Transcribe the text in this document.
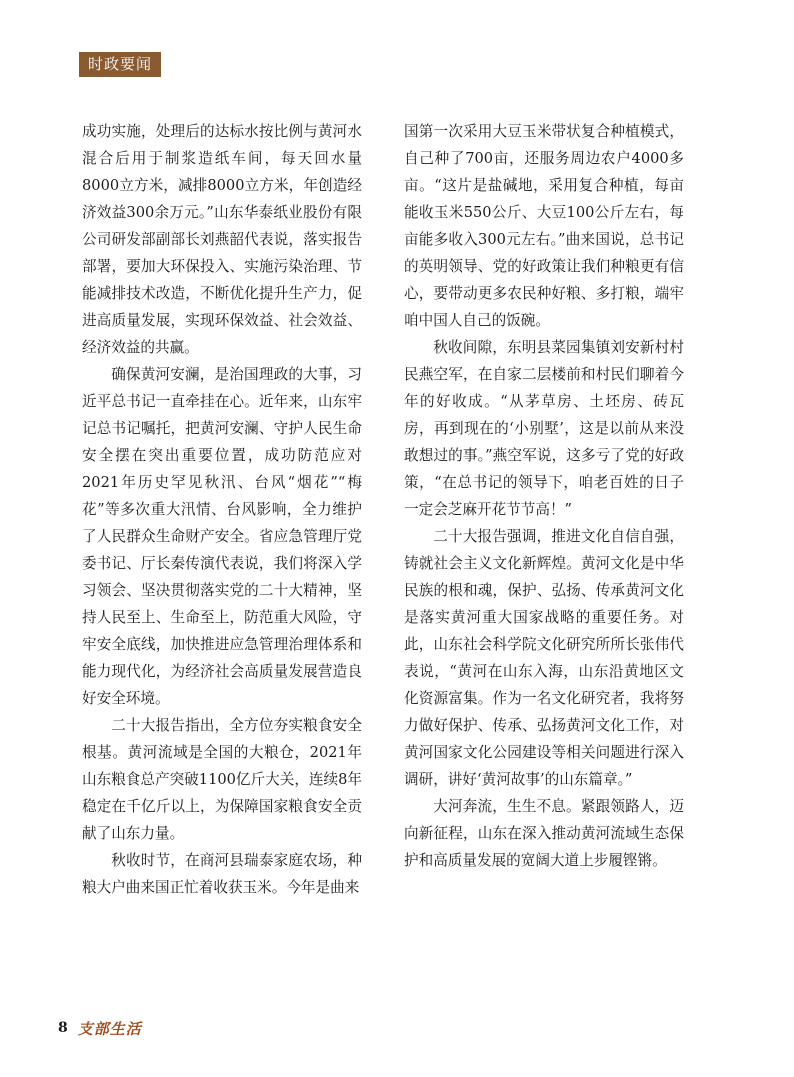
时政要闻

成功实施，处理后的达标水按比例与黄河水混合后用于制浆造纸车间，每天回水量8000立方米，减排8000立方米，年创造经济效益300余万元。”山东华泰纸业股份有限公司研发部副部长刘燕韶代表说，落实报告部署，要加大环保投入、实施污染治理、节能减排技术改造，不断优化提升生产力，促进高质量发展，实现环保效益、社会效益、经济效益的共赢。

确保黄河安澜，是治国理政的大事，习近平总书记一直牵挂在心。近年来，山东牢记总书记嘱托，把黄河安澜、守护人民生命安全摆在突出重要位置，成功防范应对2021年历史罕见秋汛、台风“烟花”“梅花”等多次重大汛情、台风影响，全力维护了人民群众生命财产安全。省应急管理厅党委书记、厅长秦传演代表说，我们将深入学习领会、坚决贯彻落实党的二十大精神，坚持人民至上、生命至上，防范重大风险，守牢安全底线，加快推进应急管理治理体系和能力现代化，为经济社会高质量发展营造良好安全环境。

二十大报告指出，全方位夯实粮食安全根基。黄河流域是全国的大粮仓，2021年山东粮食总产突破1100亿斤大关，连续8年稳定在千亿斤以上，为保障国家粮食安全贡献了山东力量。

秋收时节，在商河县瑞泰家庭农场，种粮大户曲来国正忙着收获玉米。今年是曲来

国第一次采用大豆玉米带状复合种植模式，自己种了700亩，还服务周边农户4000多亩。“这片是盐碱地，采用复合种植，每亩能收玉米550公斤、大豆100公斤左右，每亩能多收入300元左右。”曲来国说，总书记的英明领导、党的好政策让我们种粮更有信心，要带动更多农民种好粮、多打粮，端牢咱中国人自己的饭碗。

秋收间隙，东明县菜园集镇刘安新村村民燕空军，在自家二层楼前和村民们聊着今年的好收成。“从茅草房、土坯房、砖瓦房，再到现在的‘小别墅’，这是以前从来没敢想过的事。”燕空军说，这多亏了党的好政策，“在总书记的领导下，咱老百姓的日子一定会芝麻开花节节高！”

二十大报告强调，推进文化自信自强，铸就社会主义文化新辉煌。黄河文化是中华民族的根和魂，保护、弘扬、传承黄河文化是落实黄河重大国家战略的重要任务。对此，山东社会科学院文化研究所所长张伟代表说，“黄河在山东入海，山东沿黄地区文化资源富集。作为一名文化研究者，我将努力做好保护、传承、弘扬黄河文化工作，对黄河国家文化公园建设等相关问题进行深入调研，讲好‘黄河故事’的山东篇章。”

大河奔流，生生不息。紧跟领路人，迈向新征程，山东在深入推动黄河流域生态保护和高质量发展的宽阔大道上步履铿锵。

8 支部生活
